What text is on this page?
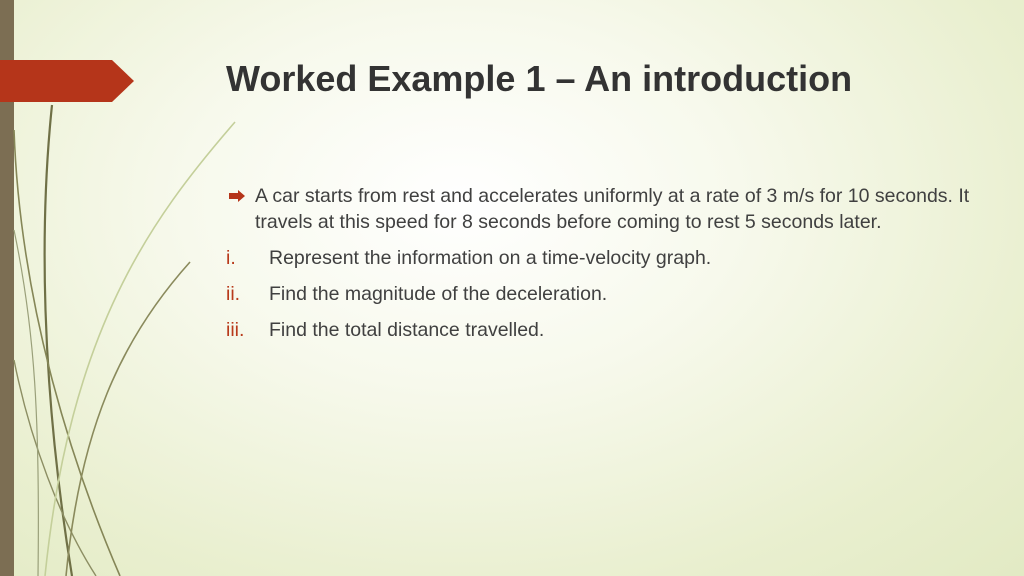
Worked Example 1 – An introduction
A car starts from rest and accelerates uniformly at a rate of 3 m/s for 10 seconds. It travels at this speed for 8 seconds before coming to rest 5 seconds later.
i. Represent the information on a time-velocity graph.
ii. Find the magnitude of the deceleration.
iii. Find the total distance travelled.
